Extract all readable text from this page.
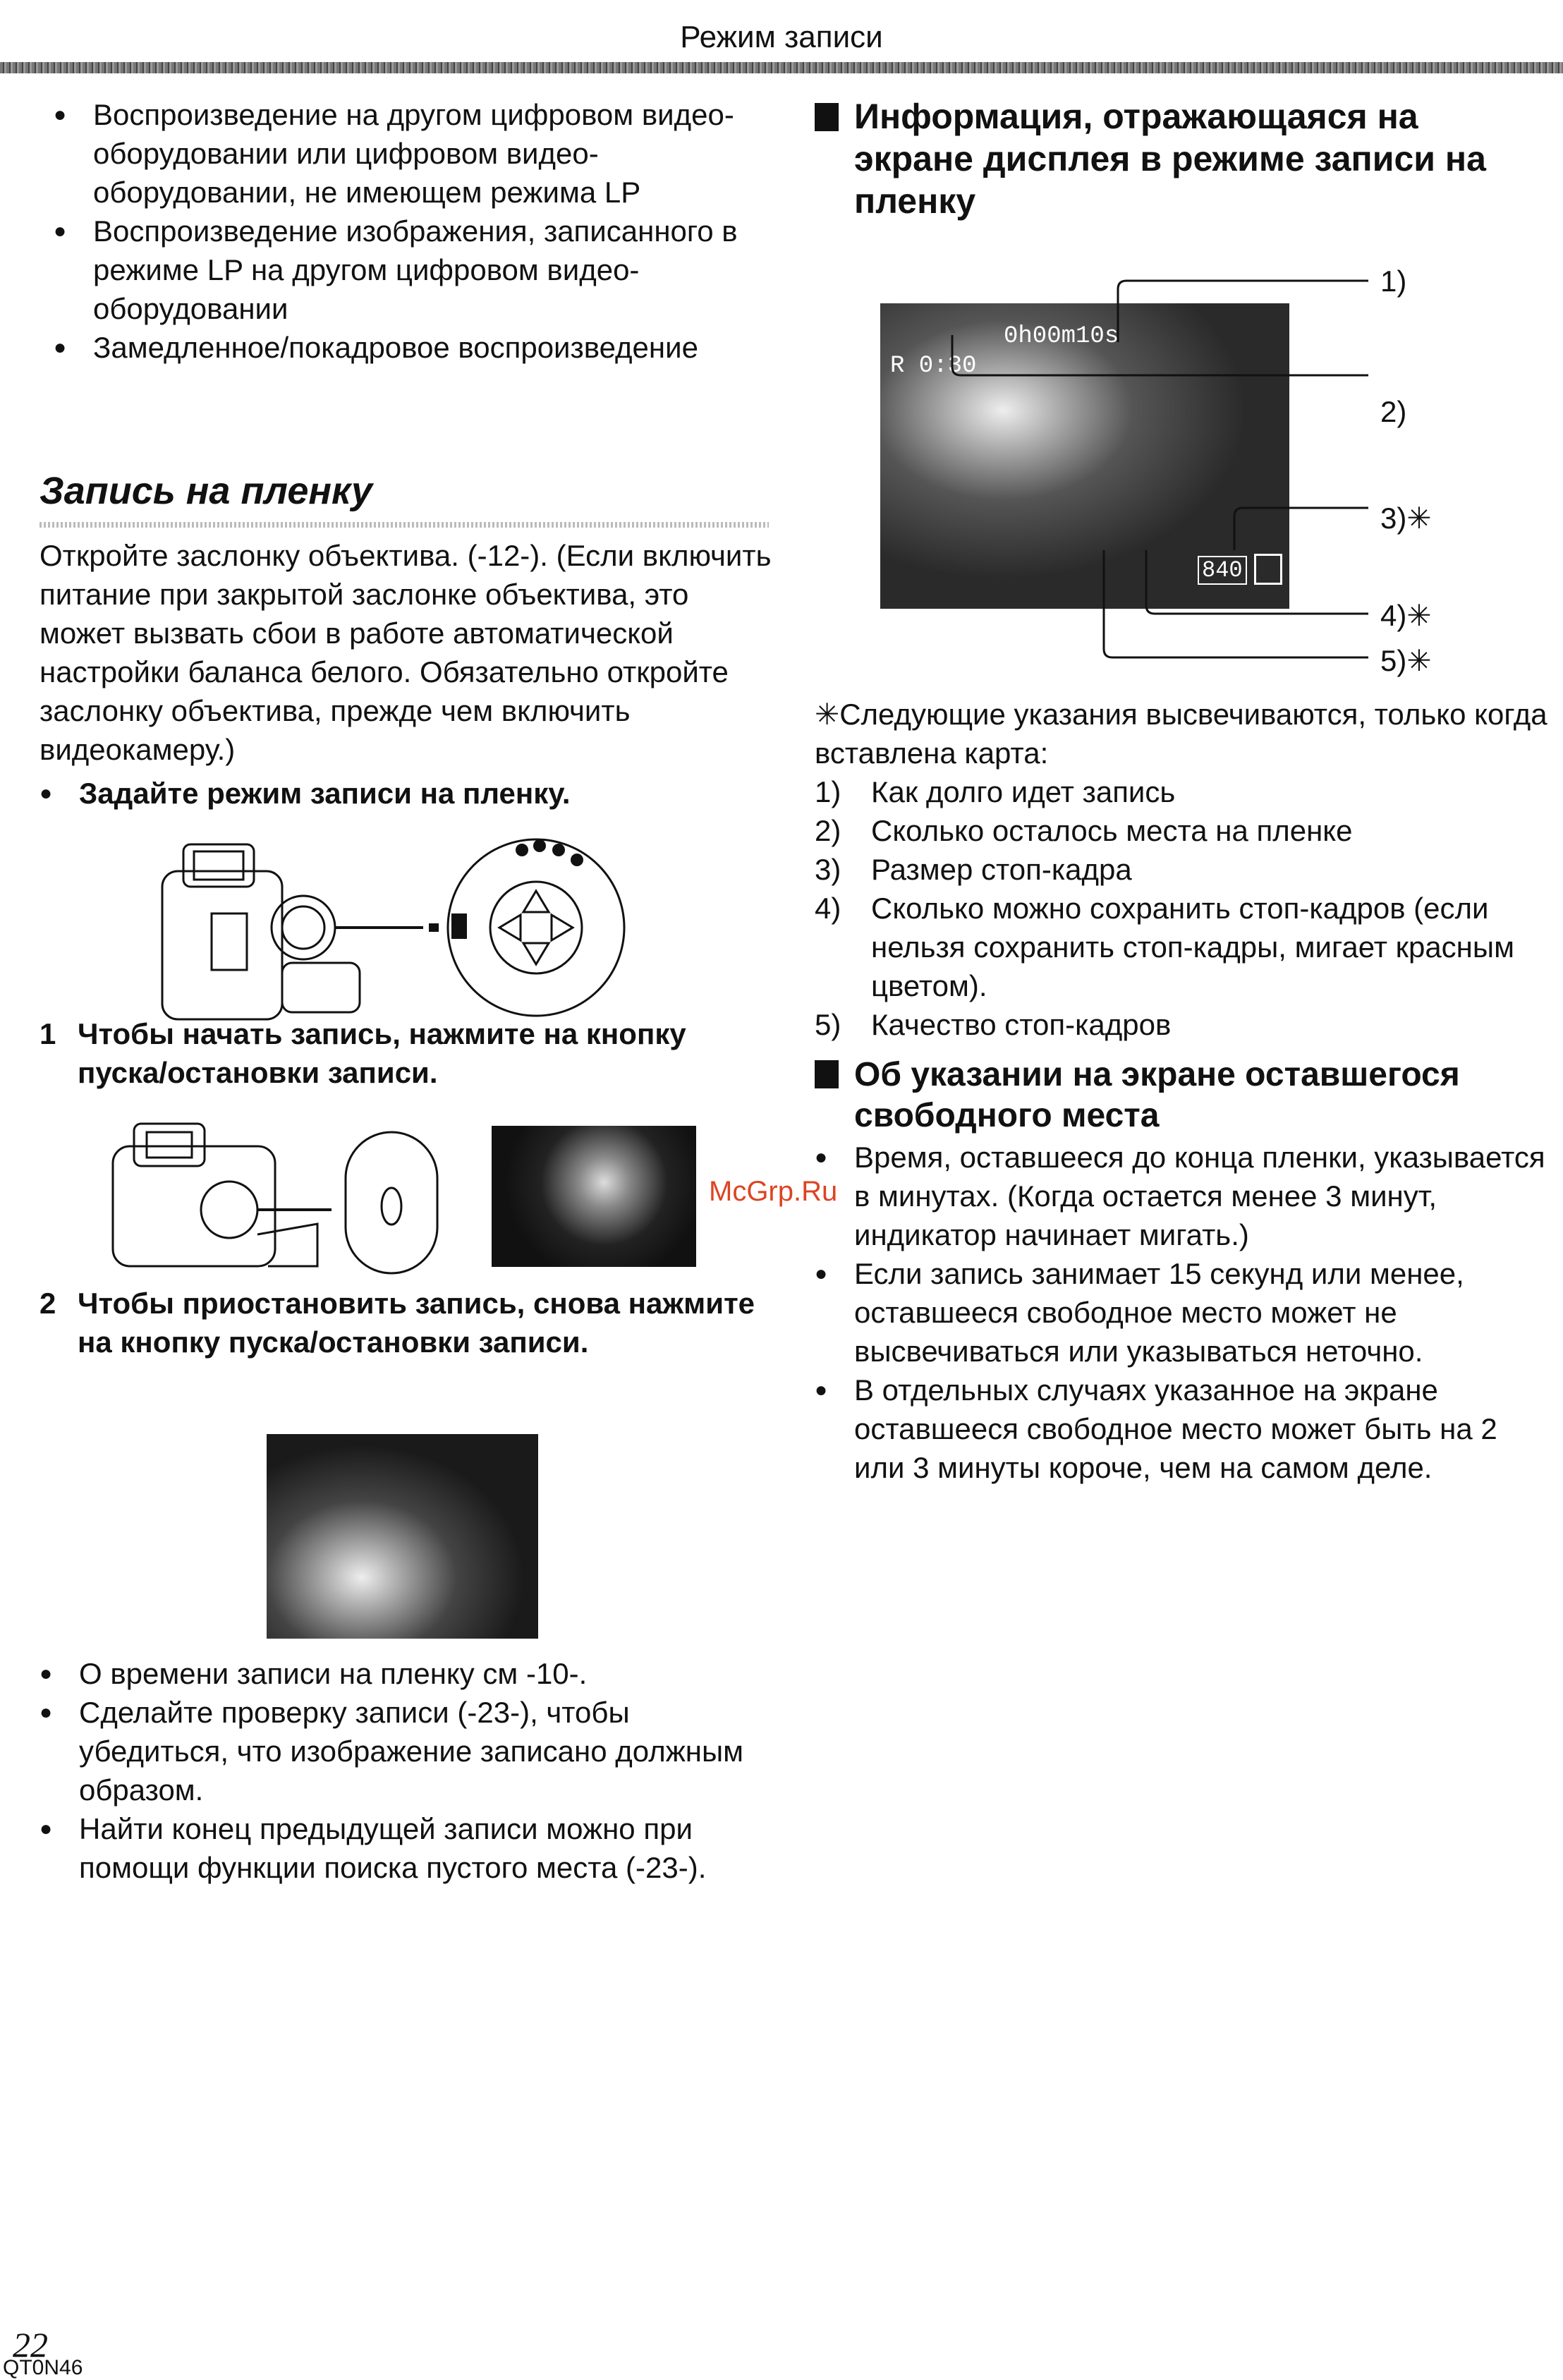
Режим записи
● Воспроизведение на другом цифровом видео-оборудовании или цифровом видео-оборудовании, не имеющем режима LP
● Воспроизведение изображения, записанного в режиме LP на другом цифровом видео-оборудовании
● Замедленное/покадровое воспроизведение
Запись на пленку
Откройте заслонку объектива. (-12-). (Если включить питание при закрытой заслонке объектива, это может вызвать сбои в работе автоматической настройки баланса белого. Обязательно откройте заслонку объектива, прежде чем включить видеокамеру.)
● Задайте режим записи на пленку.
1 Чтобы начать запись, нажмите на кнопку пуска/остановки записи.
McGrp.Ru
2 Чтобы приостановить запись, снова нажмите на кнопку пуска/остановки записи.
● О времени записи на пленку см -10-.
● Сделайте проверку записи (-23-), чтобы убедиться, что изображение записано должным образом.
● Найти конец предыдущей записи можно при помощи функции поиска пустого места (-23-).
Информация, отражающаяся на экране дисплея в режиме записи на пленку
0h00m10s
R 0:30
840
1)
2)
3)✳
4)✳
5)✳
✳Следующие указания высвечиваются, только когда вставлена карта:
1)	Как долго идет запись
2)	Сколько осталось места на пленке
3)	Размер стоп-кадра
4)	Сколько можно сохранить стоп-кадров (если нельзя сохранить стоп-кадры, мигает красным цветом).
5)	Качество стоп-кадров
Об указании на экране оставшегося свободного места
● Время, оставшееся до конца пленки, указывается в минутах. (Когда остается менее 3 минут, индикатор начинает мигать.)
● Если запись занимает 15 секунд или менее, оставшееся свободное место может не высвечиваться или указываться неточно.
● В отдельных случаях указанное на экране оставшееся свободное место может быть на 2 или 3 минуты короче, чем на самом деле.
22
QT0N46
